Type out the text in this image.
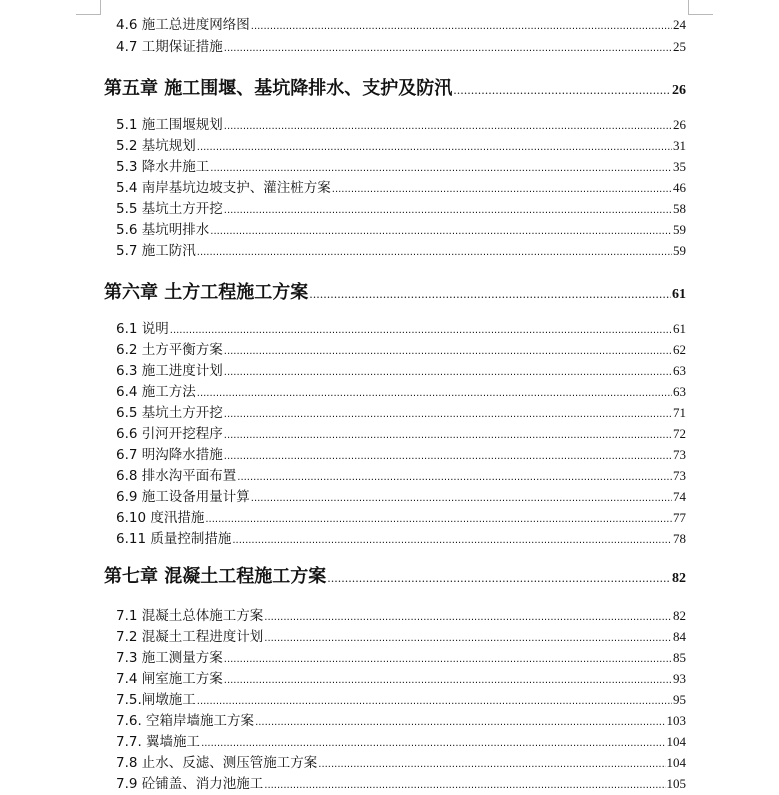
4.6 施工总进度网络图 .....	24
4.7 工期保证措施 .....	25
第五章 施工围堰、基坑降排水、支护及防汛 .....	26
5.1 施工围堰规划 .....	26
5.2 基坑规划 .....	31
5.3 降水井施工 .....	35
5.4 南岸基坑边坡支护、灌注桩方案 .....	46
5.5 基坑土方开挖 .....	58
5.6 基坑明排水 .....	59
5.7 施工防汛 .....	59
第六章 土方工程施工方案 .....	61
6.1 说明 .....	61
6.2 土方平衡方案 .....	62
6.3 施工进度计划 .....	63
6.4 施工方法 .....	63
6.5 基坑土方开挖 .....	71
6.6 引河开挖程序 .....	72
6.7 明沟降水措施 .....	73
6.8 排水沟平面布置 .....	73
6.9 施工设备用量计算 .....	74
6.10 度汛措施 .....	77
6.11 质量控制措施 .....	78
第七章 混凝土工程施工方案 .....	82
7.1 混凝土总体施工方案 .....	82
7.2 混凝土工程进度计划 .....	84
7.3 施工测量方案 .....	85
7.4 闸室施工方案 .....	93
7.5.闸墩施工 .....	95
7.6. 空箱岸墙施工方案 .....	103
7.7. 翼墙施工 .....	104
7.8 止水、反滤、测压管施工方案 .....	104
7.9 砼铺盖、消力池施工 .....	105
